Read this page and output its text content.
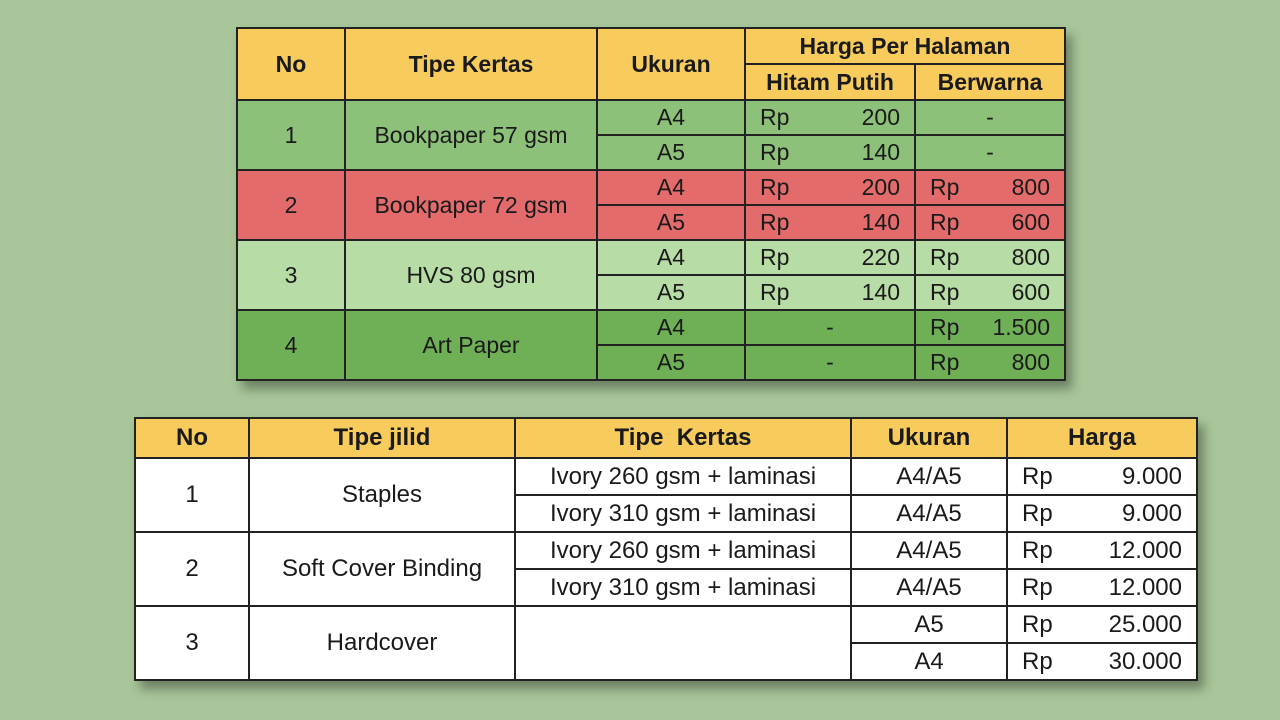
No	Tipe Kertas	Ukuran	Harga Per Halaman	
			Hitam Putih	Berwarna
1	Bookpaper 57 gsm	A4	Rp 200	-
		A5	Rp 140	-
2	Bookpaper 72 gsm	A4	Rp 200	Rp 800

		A5	Rp 140	Rp 600

3	HVS 80 gsm	A4	Rp 220	Rp 800

		A5	Rp 140	Rp 600

4	Art Paper	A4	-	Rp 1.500

		A5	-	Rp 800
No	Tipe jilid	Tipe  Kertas	Ukuran	Harga
1	Staples	Ivory 260 gsm + laminasi	A4/A5	Rp 9.000

		Ivory 310 gsm + laminasi	A4/A5	Rp 9.000

2	Soft Cover Binding	Ivory 260 gsm + laminasi	A4/A5	Rp 12.000

		Ivory 310 gsm + laminasi	A4/A5	Rp 12.000

3	Hardcover		A5	Rp 25.000

			A4	Rp 30.000
